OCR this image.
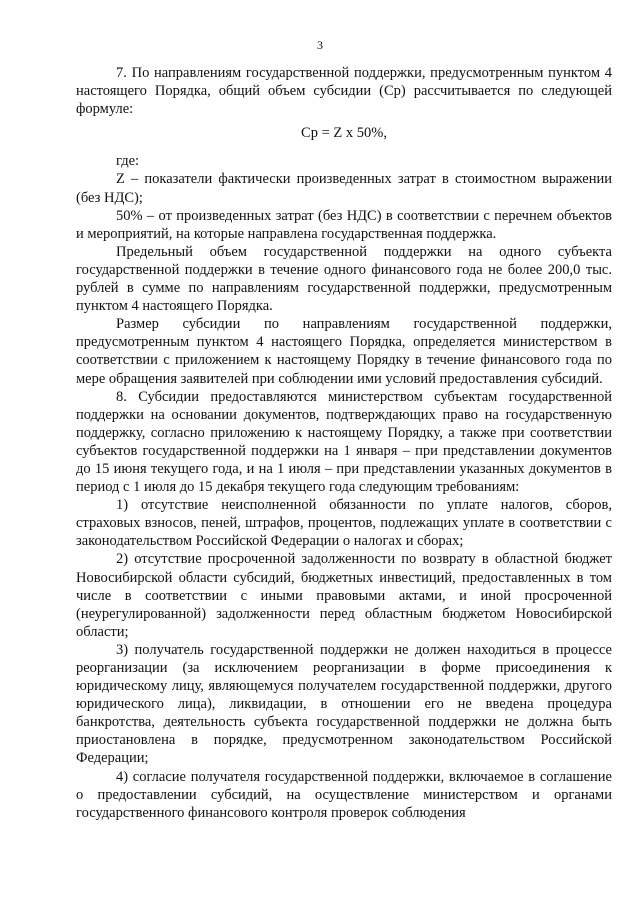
3

7. По направлениям государственной поддержки, предусмотренным пунктом 4 настоящего Порядка, общий объем субсидии (Ср) рассчитывается по следующей формуле:

Ср = Z х 50%,

где:

Z – показатели фактически произведенных затрат в стоимостном выражении (без НДС);

50% – от произведенных затрат (без НДС) в соответствии с перечнем объектов и мероприятий, на которые направлена государственная поддержка.

Предельный объем государственной поддержки на одного субъекта государственной поддержки в течение одного финансового года не более 200,0 тыс. рублей в сумме по направлениям государственной поддержки, предусмотренным пунктом 4 настоящего Порядка.

Размер субсидии по направлениям государственной поддержки, предусмотренным пунктом 4 настоящего Порядка, определяется министерством в соответствии с приложением к настоящему Порядку в течение финансового года по мере обращения заявителей при соблюдении ими условий предоставления субсидий.

8. Субсидии предоставляются министерством субъектам государственной поддержки на основании документов, подтверждающих право на государственную поддержку, согласно приложению к настоящему Порядку, а также при соответствии субъектов государственной поддержки на 1 января – при представлении документов до 15 июня текущего года, и на 1 июля – при представлении указанных документов в период с 1 июля до 15 декабря текущего года следующим требованиям:

1) отсутствие неисполненной обязанности по уплате налогов, сборов, страховых взносов, пеней, штрафов, процентов, подлежащих уплате в соответствии с законодательством Российской Федерации о налогах и сборах;

2) отсутствие просроченной задолженности по возврату в областной бюджет Новосибирской области субсидий, бюджетных инвестиций, предоставленных в том числе в соответствии с иными правовыми актами, и иной просроченной (неурегулированной) задолженности перед областным бюджетом Новосибирской области;

3) получатель государственной поддержки не должен находиться в процессе реорганизации (за исключением реорганизации в форме присоединения к юридическому лицу, являющемуся получателем государственной поддержки, другого юридического лица), ликвидации, в отношении его не введена процедура банкротства, деятельность субъекта государственной поддержки не должна быть приостановлена в порядке, предусмотренном законодательством Российской Федерации;

4) согласие получателя государственной поддержки, включаемое в соглашение о предоставлении субсидий, на осуществление министерством и органами государственного финансового контроля проверок соблюдения
